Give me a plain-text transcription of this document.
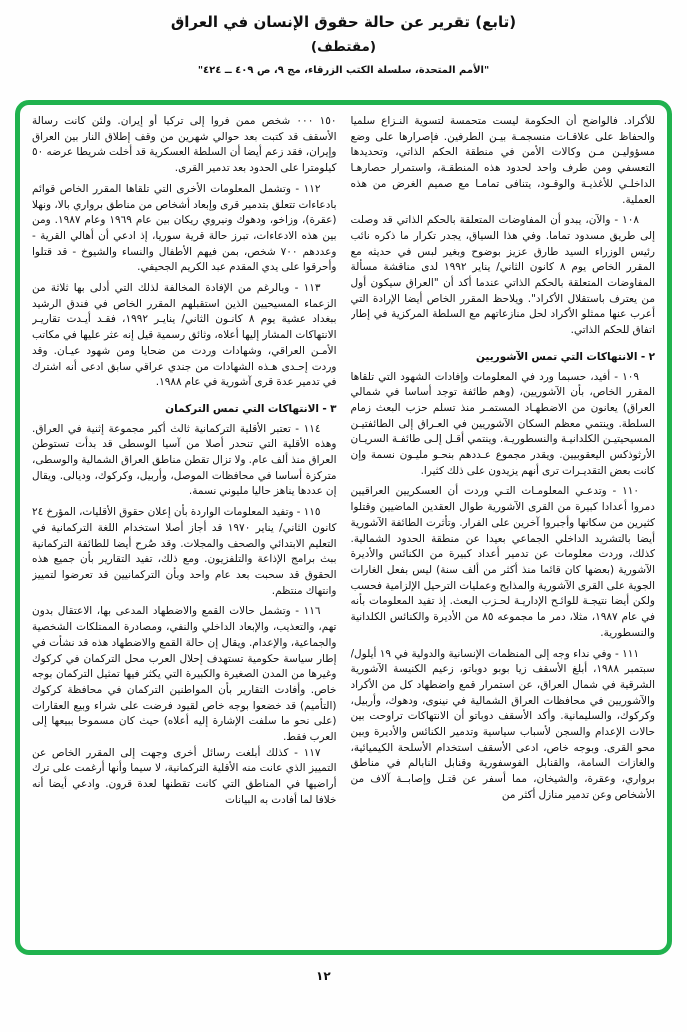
(تابع) تقرير عن حالة حقوق الإنسان في العراق
(مقتطف)
"الأمم المتحدة، سلسلة الكتب الزرقاء، مج ٩، ص ٤٠٩ ــ ٤٢٤"

للأكراد. فالواضح أن الحكومة ليست متحمسة لتسوية النـزاع سلميا والحفاظ على علاقـات منسجمـة بيـن الطرفين. فإصرارها على وضع مسؤوليـن مـن وكالات الأمن في منطقة الحكم الذاتي، وتحديدها التعسفي ومن طرف واحد لحدود هذه المنطقـة، واستمرار حصارهـا الداخلـي للأغذيـة والوقـود، يتنافى تمامـا مع صميم الغرض من هذه العملية.

١٠٨ - والآن، يبدو أن المفاوضات المتعلقة بالحكم الذاتي قد وصلت إلى طريق مسدود تماما. وفي هذا السياق، يجدر تكرار ما ذكره نائب رئيس الوزراء السيد طارق عزيز بوضوح وبغير لبس في حديثه مع المقرر الخاص يوم ٨ كانون الثاني/ يناير ١٩٩٢ لدى مناقشة مسألة المفاوضات المتعلقة بالحكم الذاتي عندما أكد أن "العراق سيكون أول من يعترف باستقلال الأكراد". ويلاحظ المقرر الخاص أيضا الإرادة التي أعرب عنها ممثلو الأكراد لحل منازعاتهم مع السلطة المركزية في إطار اتفاق للحكم الذاتي.

٢ - الانتهاكات التي تمس الآشوريين

١٠٩ - أفيد، حسبما ورد في المعلومات وإفادات الشهود التي تلقاها المقرر الخاص، بأن الآشوريين، (وهم طائفة توجد أساسا في شمالي العراق) يعانون من الاضطهـاد المستمـر منذ تسلم حزب البعث زمام السلطة. وينتمي معظم السكان الآشوريين في العـراق إلى الطائفتيـن المسيحيتيـن الكلدانيـة والنسطوريـة. وينتمي أقـل إلـى طائفـة السريـان الأرثوذكس اليعقوبيين. ويقدر مجموع عـددهم بنحـو مليـون نسمة وإن كانت بعض التقديـرات ترى أنهم يزيدون على ذلك كثيرا.

١١٠ - وتدعـي المعلومـات التـي وردت أن العسكريين العراقيين دمروا أعدادا كبيرة من القرى الآشورية طوال العقدين الماضيين وقتلوا كثيرين من سكانها وأجبروا آخرين على الفرار. وتأثرت الطائفة الآشورية أيضا بالتشريد الداخلي الجماعي بعيدا عن منطقة الحدود الشمالية. كذلك، وردت معلومات عن تدمير أعداد كبيرة من الكنائس والأديرة الآشورية (بعضها كان قائما منذ أكثر من ألف سنة) ليس بفعل الغارات الجوية على القرى الآشورية والمذابح وعمليات الترحيل الإلزامية فحسب ولكن أيضا نتيجـة للوائـح الإداريـة لحـزب البعث. إذ تفيد المعلومات بأنه في عام ١٩٨٧، مثلا، دمر ما مجموعه ٨٥ من الأديرة والكنائس الكلدانية والنسطورية.

١١١ - وفي نداء وجه إلى المنظمات الإنسانية والدولية في ١٩ أيلول/ سبتمبر ١٩٨٨، أبلغ الأسقف زيا بوبو دوباتو، زعيم الكنيسة الآشورية الشرقية في شمال العراق، عن استمرار قمع واضطهاد كل من الأكراد والآشوريين في محافظات العراق الشمالية في نينوى، ودهوك، وأربيل، وكركوك، والسليمانية. وأكد الأسقف دوباتو أن الانتهاكات تراوحت بين حالات الإعدام والسجن لأسباب سياسية وتدمير الكنائس والأديرة وبين محو القرى. وبوجه خاص، ادعى الأسقف استخدام الأسلحة الكيميائية، والغازات السامة، والقنابل الفوسفورية وقنابل النابالم في مناطق برواري، وعقرة، والشيخان، مما أسفر عن قتـل وإصابــة آلاف من الأشخاص وعن تدمير منازل أكثر من

١٥٠ ٠٠٠ شخص ممن فروا إلى تركيا أو إيران. ولئن كانت رسالة الأسقف قد كتبت بعد حوالي شهرين من وقف إطلاق النار بين العراق وإيران، فقد زعم أيضا أن السلطة العسكرية قد أخلت شريطا عرضه ٥٠ كيلومترا على الحدود بعد تدمير القرى.

١١٢ - وتشمل المعلومات الأخرى التي تلقاها المقرر الخاص قوائم بادعاءات تتعلق بتدمير قرى وإبعاد أشخاص من مناطق برواري بالا، ونهلا (عقرة)، وزاخو، ودهوك ونيروي ريكان بين عام ١٩٦٩ وعام ١٩٨٧. ومن بين هذه الادعاءات، تبرز حالة قرية سوريا، إذ ادعي أن أهالي القرية - وعددهم ٧٠٠ شخص، بمن فيهم الأطفال والنساء والشيوخ - قد قتلوا وأحرقوا على يدي المقدم عبد الكريم الجحيفي.

١١٣ - وبالرغم من الإفادة المخالفة لذلك التي أدلى بها ثلاثة من الزعماء المسيحيين الذين استقبلهم المقرر الخاص في فندق الرشيد ببغداد عشية يوم ٨ كانـون الثاني/ ينايـر ١٩٩٢، فقـد أيـدت تقاريـر الانتهاكات المشار إليها أعلاه، وثائق رسمية قيل إنه عثر عليها في مكاتب الأمـن العراقي، وشهادات وردت من ضحايا ومن شهود عيـان. وقد وردت إحـدى هـذه الشهادات من جندي عراقي سابق ادعى أنه اشترك في تدمير عدة قرى آشورية في عام ١٩٨٨.

٣ - الانتهاكات التي تمس التركمان

١١٤ - تعتبر الأقلية التركمانية ثالث أكبر مجموعة إثنية في العراق. وهذه الأقلية التي تنحدر أصلا من آسيا الوسطى قد بدأت تستوطن العراق منذ ألف عام. ولا تزال تقطن مناطق العراق الشمالية والوسطى، متركزة أساسا في محافظات الموصل، وأربيل، وكركوك، وديالى. ويقال إن عددها يناهز حاليا مليوني نسمة.

١١٥ - وتفيد المعلومات الواردة بأن إعلان حقوق الأقليات، المؤرخ ٢٤ كانون الثاني/ يناير ١٩٧٠ قد أجاز أصلا استخدام اللغة التركمانية في التعليم الابتدائي والصحف والمجلات. وقد صُرح أيضا للطائفة التركمانية ببث برامج الإذاعة والتلفزيون. ومع ذلك، تفيد التقارير بأن جميع هذه الحقوق قد سحبت بعد عام واحد وبأن التركمانيين قد تعرضوا لتمييز وانتهاك منتظم.

١١٦ - وتشمل حالات القمع والاضطهاد المدعى بها، الاعتقال بدون تهم، والتعذيب، والإبعاد الداخلي والنفي، ومصادرة الممتلكات الشخصية والجماعية، والإعدام. ويقال إن حالة القمع والاضطهاد هذه قد نشأت في إطار سياسة حكومية تستهدف إحلال العرب محل التركمان في كركوك وغيرها من المدن الصغيرة والكبيرة التي يكثر فيها تمثيل التركمان بوجه خاص. وأفادت التقارير بأن المواطنين التركمان في محافظة كركوك (التأميم) قد خضعوا بوجه خاص لقيود فرضت على شراء وبيع العقارات (على نحو ما سلفت الإشارة إليه أعلاه) حيث كان مسموحا ببيعها إلى العرب فقط.

١١٧ - كذلك أبلغت رسائل أخرى وجهت إلى المقرر الخاص عن التمييز الذي عانت منه الأقلية التركمانية، لا سيما وأنها أرغمت على ترك أراضيها في المناطق التي كانت تقطنها لعدة قرون. وادعي أيضا أنه خلافا لما أفادت به البيانات

١٢
